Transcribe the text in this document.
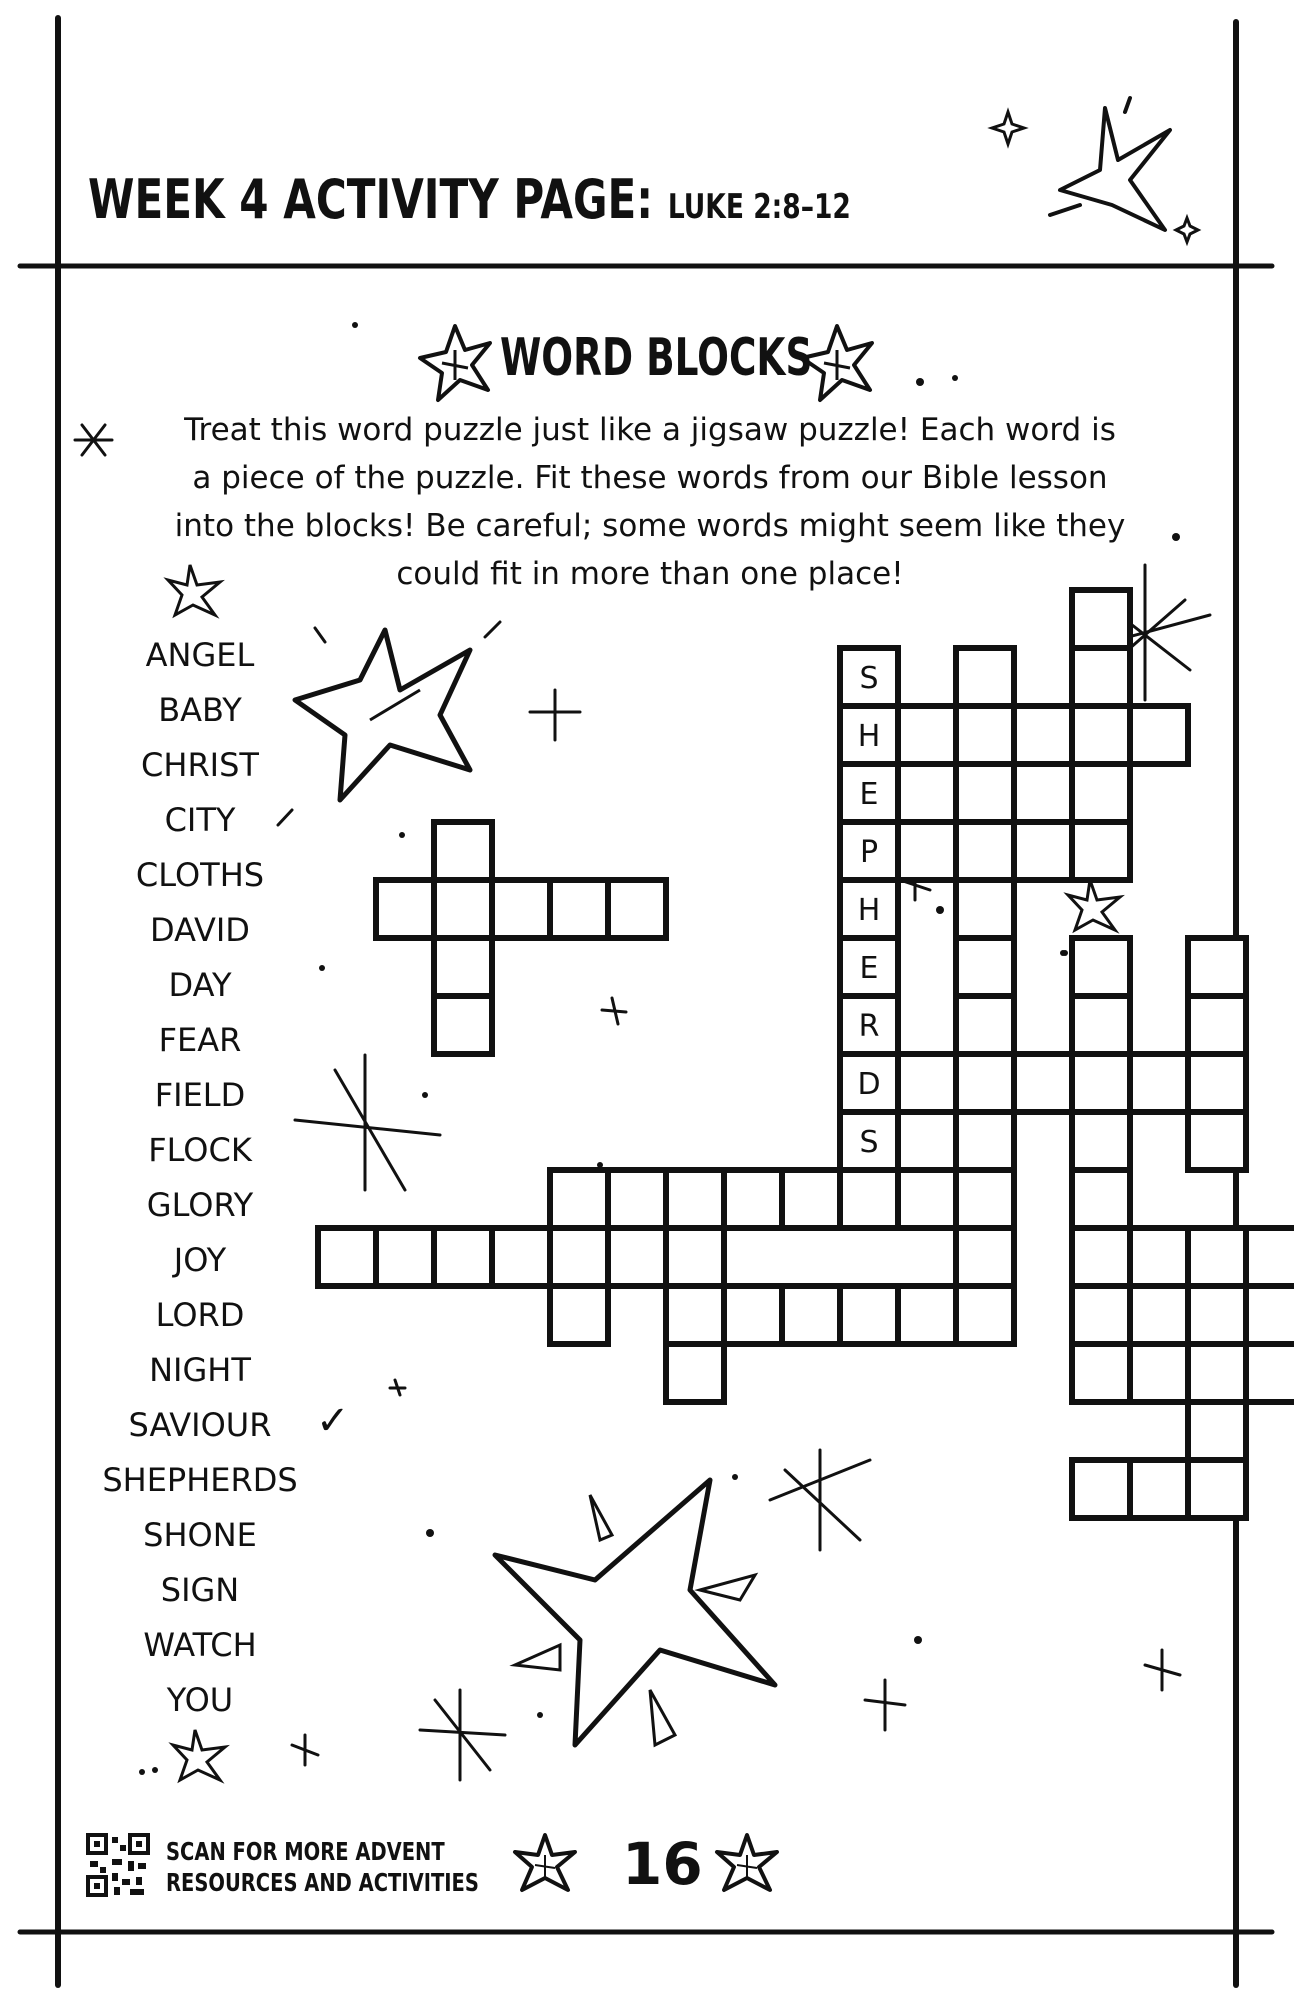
WEEK 4 ACTIVITY PAGE: LUKE 2:8–12
WORD BLOCKS

Treat this word puzzle just like a jigsaw puzzle! Each word is

a piece of the puzzle. Fit these words from our Bible lesson

into the blocks! Be careful; some words might seem like they

could fit in more than one place!

ANGEL
BABY
CHRIST
CITY
CLOTHS
DAVID
DAY
FEAR
FIELD
FLOCK
GLORY
JOY
LORD
NIGHT
SAVIOUR
SHEPHERDS
SHONE
SIGN
WATCH
YOU
✓
S
H
E
P
H
E
R
D
S
SCAN FOR MORE ADVENT
RESOURCES AND ACTIVITIES 16
